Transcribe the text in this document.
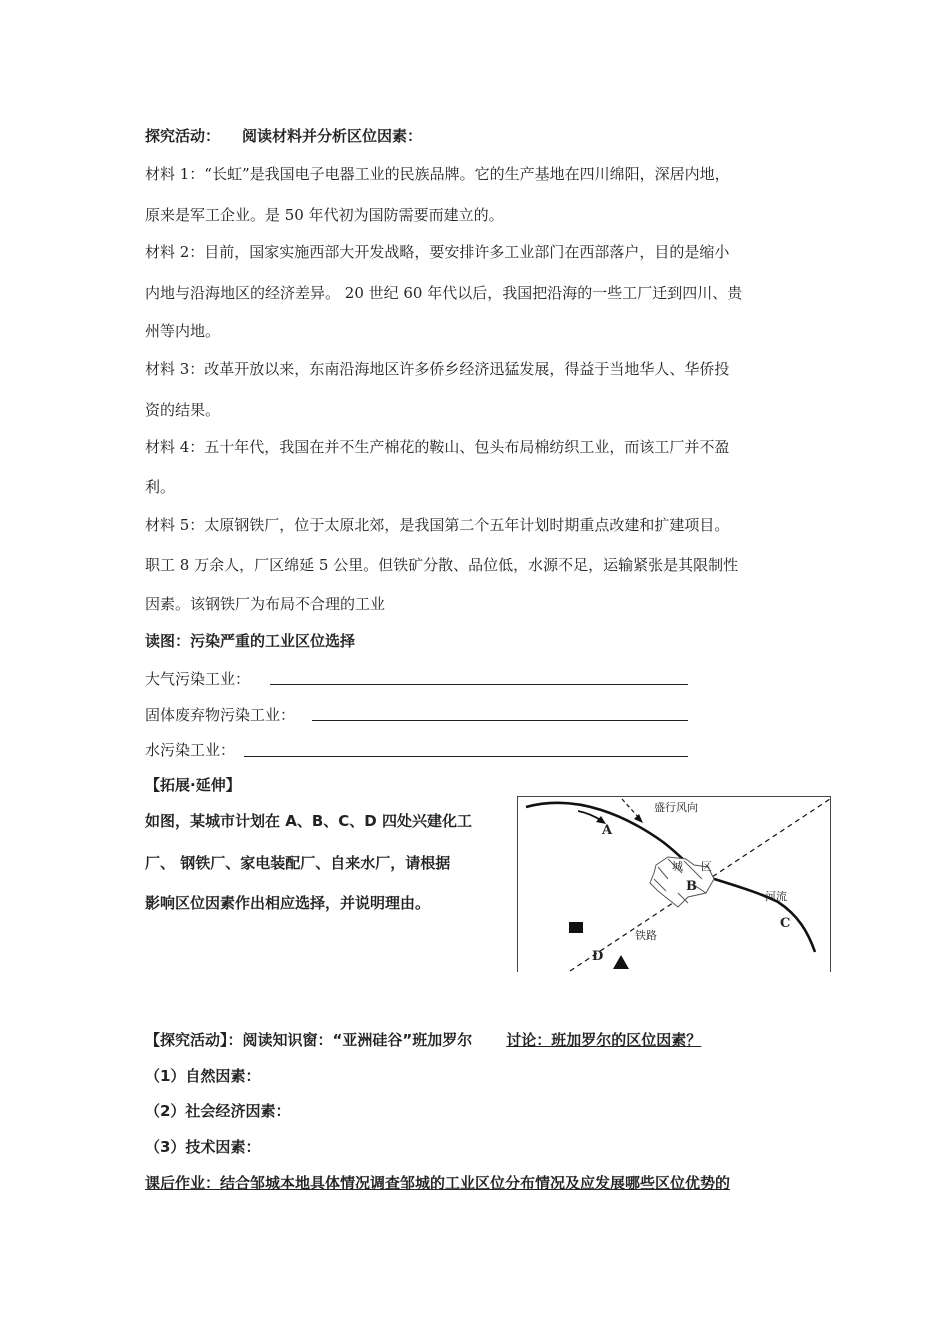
探究活动： 阅读材料并分析区位因素：
材料 1：“长虹”是我国电子电器工业的民族品牌。它的生产基地在四川绵阳，深居内地，
原来是军工企业。是 50 年代初为国防需要而建立的。
材料 2：目前，国家实施西部大开发战略，要安排许多工业部门在西部落户，目的是缩小
内地与沿海地区的经济差异。 20 世纪 60 年代以后，我国把沿海的一些工厂迁到四川、贵
州等内地。
材料 3：改革开放以来，东南沿海地区许多侨乡经济迅猛发展，得益于当地华人、华侨投
资的结果。
材料 4：五十年代，我国在并不生产棉花的鞍山、包头布局棉纺织工业，而该工厂并不盈
利。
材料 5：太原钢铁厂，位于太原北郊，是我国第二个五年计划时期重点改建和扩建项目。
职工 8 万余人，厂区绵延 5 公里。但铁矿分散、品位低，水源不足，运输紧张是其限制性
因素。该钢铁厂为布局不合理的工业
读图：污染严重的工业区位选择
大气污染工业：
固体废弃物污染工业：
水污染工业：
【拓展·延伸】
如图，某城市计划在 A、B、C、D 四处兴建化工
厂、 钢铁厂、家电装配厂、自来水厂，请根据
影响区位因素作出相应选择，并说明理由。
盛行风向
A
城 区
B
河流
C
铁路
D
【探究活动】：阅读知识窗：“亚洲硅谷”班加罗尔 讨论：班加罗尔的区位因素？
（1）自然因素：
（2）社会经济因素：
（3）技术因素：
课后作业：结合邹城本地具体情况调查邹城的工业区位分布情况及应发展哪些区位优势的
